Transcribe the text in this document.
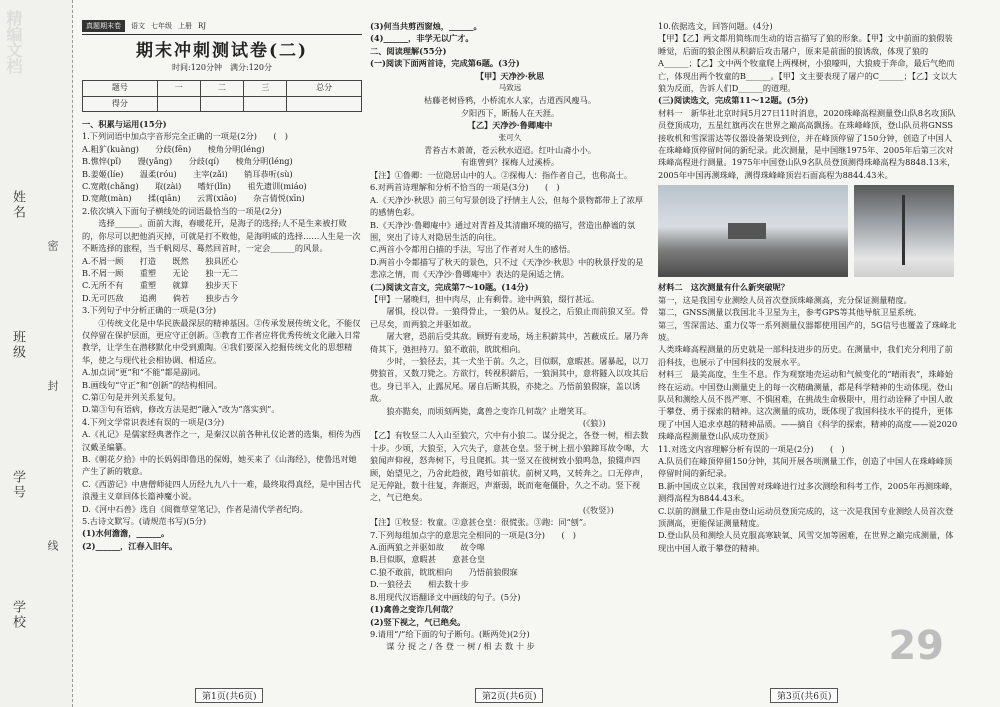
精编文档
姓名
班级
学号
学校
密
封
线
真题期末卷	语文 七年级 上册 RJ
期末冲刺测试卷(二)
时间:120分钟　满分:120分
题号	一	二	三	总分
得分				

一、积累与运用(15分)

1.下列词语中加点字音形完全正确的一项是(2分)　　(　)

A.粗犷(kuàng)　　分歧(fēn)　　棱角分明(léng)

B.憔悴(pǐ)　　馒(yǎng)　　分歧(qí)　　棱角分明(léng)

B.姜姬(líe)　　温柔(róu)　　主宰(zǎi)　　销耳恭听(sù)

C.宽敞(chǎng)　　取(zài)　　嗜好(lǐn)　　祖先遗训(miáo)

D.宽敞(màn)　　揉(qiān)　　云霄(xiāo)　　杂言倩悦(xīn)

2.依次填入下面句子横线处的词语最恰当的一项是(2分)

　　选择______。面前大海，春暖花开，是海子的选择;人不是生来被打败的，你尽可以把他消灭掉，可就是打不败他，是海明威的选择……人生是一次不断选择的旅程，当千帆阅尽、蓦然回首时，一定会______的风景。

A.不屑一顾　　打造　　既然　　独具匠心

B.不屑一顾　　重塑　　无论　　独一无二

C.无所不有　　重塑　　就算　　独步天下

D.无可匹敌　　追溯　　倘若　　独步古今

3.下列句子中分析正确的一项是(3分)

　　①传统文化是中华民族最深层的精神基因。②传承发展传统文化，不能仅仅停留在保护层面，更应守正创新。③教育工作者应将优秀传统文化融入日常教学，让学生在潜移默化中受到熏陶。④我们要深入挖掘传统文化的思想精华，使之与现代社会相协调、相适应。

A.加点词“更”和“不能”都是副词。

B.画线句“守正”和“创新”的结构相同。

C.第①句是并列关系复句。

D.第③句有语病，修改方法是把“融入”改为“落实到”。

4.下列文学常识表述有误的一项是(3分)

A.《礼记》是儒家经典著作之一，是秦汉以前各种礼仪论著的选集，相传为西汉戴圣编纂。

B.《朝花夕拾》中的长妈妈即鲁迅的保姆，她买来了《山海经》，使鲁迅对她产生了新的敬意。

C.《西游记》中唐僧师徒四人历经九九八十一难，最终取得真经，是中国古代浪漫主义章回体长篇神魔小说。

D.《河中石兽》选自《阅微草堂笔记》，作者是清代学者纪昀。

5.古诗文默写。(请规范书写)(5分)

(1)水何澹澹，______。

(2)______，江春入旧年。

(3)何当共剪西窗烛，______。

(4)______，非学无以广才。

二、阅读理解(55分)

(一)阅读下面两首诗，完成第6题。(3分)

【甲】天净沙·秋思
马致远
枯藤老树昏鸦，小桥流水人家，古道西风瘦马。
夕阳西下，断肠人在天涯。
【乙】天净沙·鲁卿庵中
张可久
青苔古木萧萧，苍云秋水迢迢。红叶山斋小小。
有谁曾到？探梅人过溪桥。

【注】①鲁卿：一位隐居山中的人。②探梅人：指作者自己，也称高士。

6.对两首诗理解和分析不恰当的一项是(3分)　　(　)

A.《天净沙·秋思》前三句写景创设了抒情主人公，但每个景物都带上了浓厚的感情色彩。

B.《天净沙·鲁卿庵中》通过对青苔及其清幽环境的描写，营造出静谧的氛围，突出了诗人对隐居生活的向往。

C.两首小令都用白描的手法，写出了作者对人生的感悟。

D.两首小令都描写了秋天的景色，只不过《天净沙·秋思》中的秋景抒发的是悲凉之情，而《天净沙·鲁卿庵中》表达的是闲适之情。

(二)阅读文言文，完成第7～10题。(14分)

【甲】一屠晚归，担中肉尽，止有剩骨。途中两狼，缀行甚远。

　　屠惧，投以骨。一狼得骨止，一狼仍从。复投之，后狼止而前狼又至。骨已尽矣，而两狼之并驱如故。

　　屠大窘，恐前后受其敌。顾野有麦场，场主积薪其中，苫蔽成丘。屠乃奔倚其下，弛担持刀。狼不敢前，眈眈相向。

　　少时，一狼径去，其一犬坐于前。久之，目似瞑，意暇甚。屠暴起，以刀劈狼首，又数刀毙之。方欲行，转视积薪后，一狼洞其中，意将隧入以攻其后也。身已半入，止露尻尾。屠自后断其股，亦毙之。乃悟前狼假寐，盖以诱敌。

　　狼亦黠矣，而顷刻两毙，禽兽之变诈几何哉？止增笑耳。

　　　　　　　　　　　　　　　　　　　　　　　　　　(《狼》)

【乙】有牧竖二人入山至狼穴，穴中有小狼二。谋分捉之，各登一树，相去数十步。少顷，大狼至，入穴失子，意甚仓皇。竖于树上扭小狼蹄耳故令嗥，大狼闻声仰视，怒奔树下，号且爬抓。其一竖又在彼树致小狼鸣急，狼辍声四顾，始望见之，乃舍此趋彼，跑号如前状。前树又鸣，又转奔之。口无停声，足无停趾，数十往复，奔渐迟，声渐弱，既而奄奄僵卧，久之不动。竖下视之，气已绝矣。

　　　　　　　　　　　　　　　　　　　　　　　　　　(《牧竖》)

【注】①牧竖：牧童。②意甚仓皇：很慌张。③跑：同“刨”。

7.下列每组加点字的意思完全相同的一项是(3分)　　(　)

A.面两狼之并驱如故　　故令嗥

B.目似瞑，意暇甚　　意甚仓皇

C.狼不敢前，眈眈相向　　乃悟前狼假寐

D.一狼径去　　相去数十步

8.用现代汉语翻译文中画线的句子。(5分)

(1)禽兽之变诈几何哉？

(2)竖下视之，气已绝矣。

9.请用“/”给下面的句子断句。(断两处)(2分)

　　谋 分 捉 之 / 各 登 一 树 / 相 去 数 十 步

10.依据选文，回答问题。(4分)

【甲】【乙】两文都用简练而生动的语言描写了狼的形象。【甲】文中前面的狼假装睡觉，后面的狼企图从积薪后攻击屠户，原来是前面的狼诱敌，体现了狼的A______；【乙】文中两个牧童爬上两棵树，小狼嚎叫，大狼疲于奔命，最后气绝而亡，体现出两个牧童的B______。【甲】文主要表现了屠户的C______；【乙】文以大狼为反面，告诉人们D______的道理。

(三)阅读选文，完成第11～12题。(5分)

材料一　新华社北京时间5月27日11时消息，2020珠峰高程测量登山队8名攻顶队员登顶成功，五星红旗再次在世界之巅高高飘扬。在珠峰峰顶，登山队员将GNSS接收机和雪深雷达等仪器设备架设到位，并在峰顶停留了150分钟，创造了中国人在珠峰峰顶停留时间的新纪录。此次测量，是中国继1975年、2005年后第三次对珠峰高程进行测量。1975年中国登山队9名队员登顶测得珠峰高程为8848.13米，2005年中国再测珠峰，测得珠峰峰顶岩石面高程为8844.43米。

材料二　这次测量有什么新突破呢？

第一，这是我国专业测绘人员首次登顶珠峰测高，充分保证测量精度。

第二，GNSS测量以我国北斗卫星为主，参考GPS等其他导航卫星系统。

第三，雪深雷达、重力仪等一系列测量仪器都使用国产的，5G信号也覆盖了珠峰北坡。

人类珠峰高程测量的历史就是一部科技进步的历史。在测量中，我们充分利用了前沿科技，也展示了中国科技的发展水平。

材料三　最美高度，生生不息。作为观察地壳运动和气候变化的“晴雨表”，珠峰始终在运动。中国登山测量史上的每一次精确测量，都是科学精神的生动体现。登山队员和测绘人员不畏严寒、不惧困难，在挑战生命极限中，用行动诠释了中国人敢于攀登、勇于探索的精神。这次测量的成功，既体现了我国科技水平的提升，更体现了中国人追求卓越的精神品质。——摘自《科学的探索，精神的高度——说2020珠峰高程测量登山队成功登顶》

11.对选文内容理解分析有误的一项是(2分)　　(　)

A.队员们在峰顶停留150分钟，其间开展各项测量工作，创造了中国人在珠峰峰顶停留时间的新纪录。

B.新中国成立以来，我国曾对珠峰进行过多次测绘和科考工作，2005年再测珠峰，测得高程为8844.43米。

C.以前的测量工作是由登山运动员登顶完成的，这一次是我国专业测绘人员首次登顶测高，更能保证测量精度。

D.登山队员和测绘人员克服高寒缺氧、风雪交加等困难，在世界之巅完成测量，体现出中国人敢于攀登的精神。

29
第1页(共6页)	第2页(共6页)	第3页(共6页)
